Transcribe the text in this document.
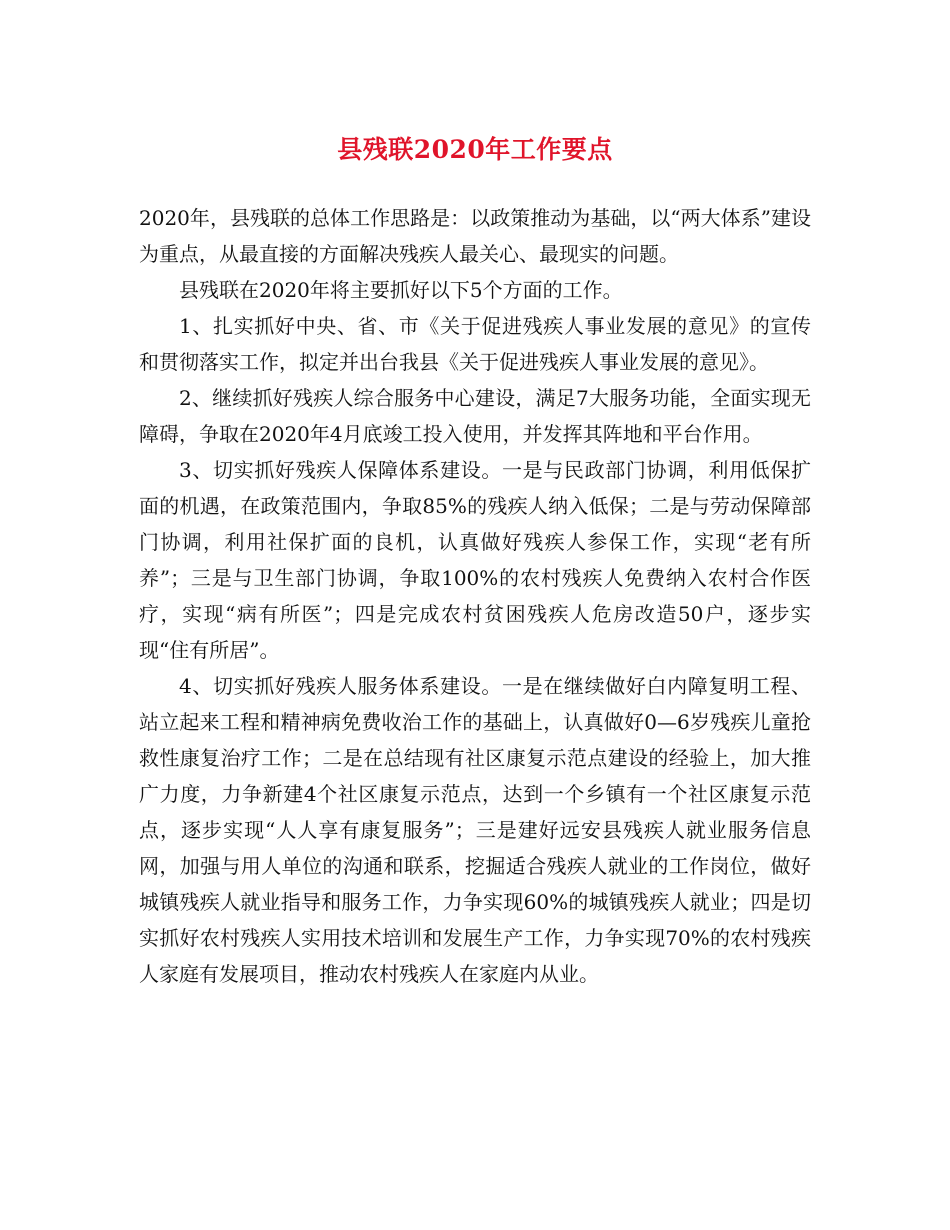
县残联2020年工作要点

2020年，县残联的总体工作思路是：以政策推动为基础，以“两大体系”建设为重点，从最直接的方面解决残疾人最关心、最现实的问题。

县残联在2020年将主要抓好以下5个方面的工作。

1、扎实抓好中央、省、市《关于促进残疾人事业发展的意见》的宣传和贯彻落实工作，拟定并出台我县《关于促进残疾人事业发展的意见》。

2、继续抓好残疾人综合服务中心建设，满足7大服务功能，全面实现无障碍，争取在2020年4月底竣工投入使用，并发挥其阵地和平台作用。

3、切实抓好残疾人保障体系建设。一是与民政部门协调，利用低保扩面的机遇，在政策范围内，争取85%的残疾人纳入低保；二是与劳动保障部门协调，利用社保扩面的良机，认真做好残疾人参保工作，实现“老有所养”；三是与卫生部门协调，争取100%的农村残疾人免费纳入农村合作医疗，实现“病有所医”；四是完成农村贫困残疾人危房改造50户，逐步实现“住有所居”。

4、切实抓好残疾人服务体系建设。一是在继续做好白内障复明工程、站立起来工程和精神病免费收治工作的基础上，认真做好0—6岁残疾儿童抢救性康复治疗工作；二是在总结现有社区康复示范点建设的经验上，加大推广力度，力争新建4个社区康复示范点，达到一个乡镇有一个社区康复示范点，逐步实现“人人享有康复服务”；三是建好远安县残疾人就业服务信息网，加强与用人单位的沟通和联系，挖掘适合残疾人就业的工作岗位，做好城镇残疾人就业指导和服务工作，力争实现60%的城镇残疾人就业；四是切实抓好农村残疾人实用技术培训和发展生产工作，力争实现70%的农村残疾人家庭有发展项目，推动农村残疾人在家庭内从业。
